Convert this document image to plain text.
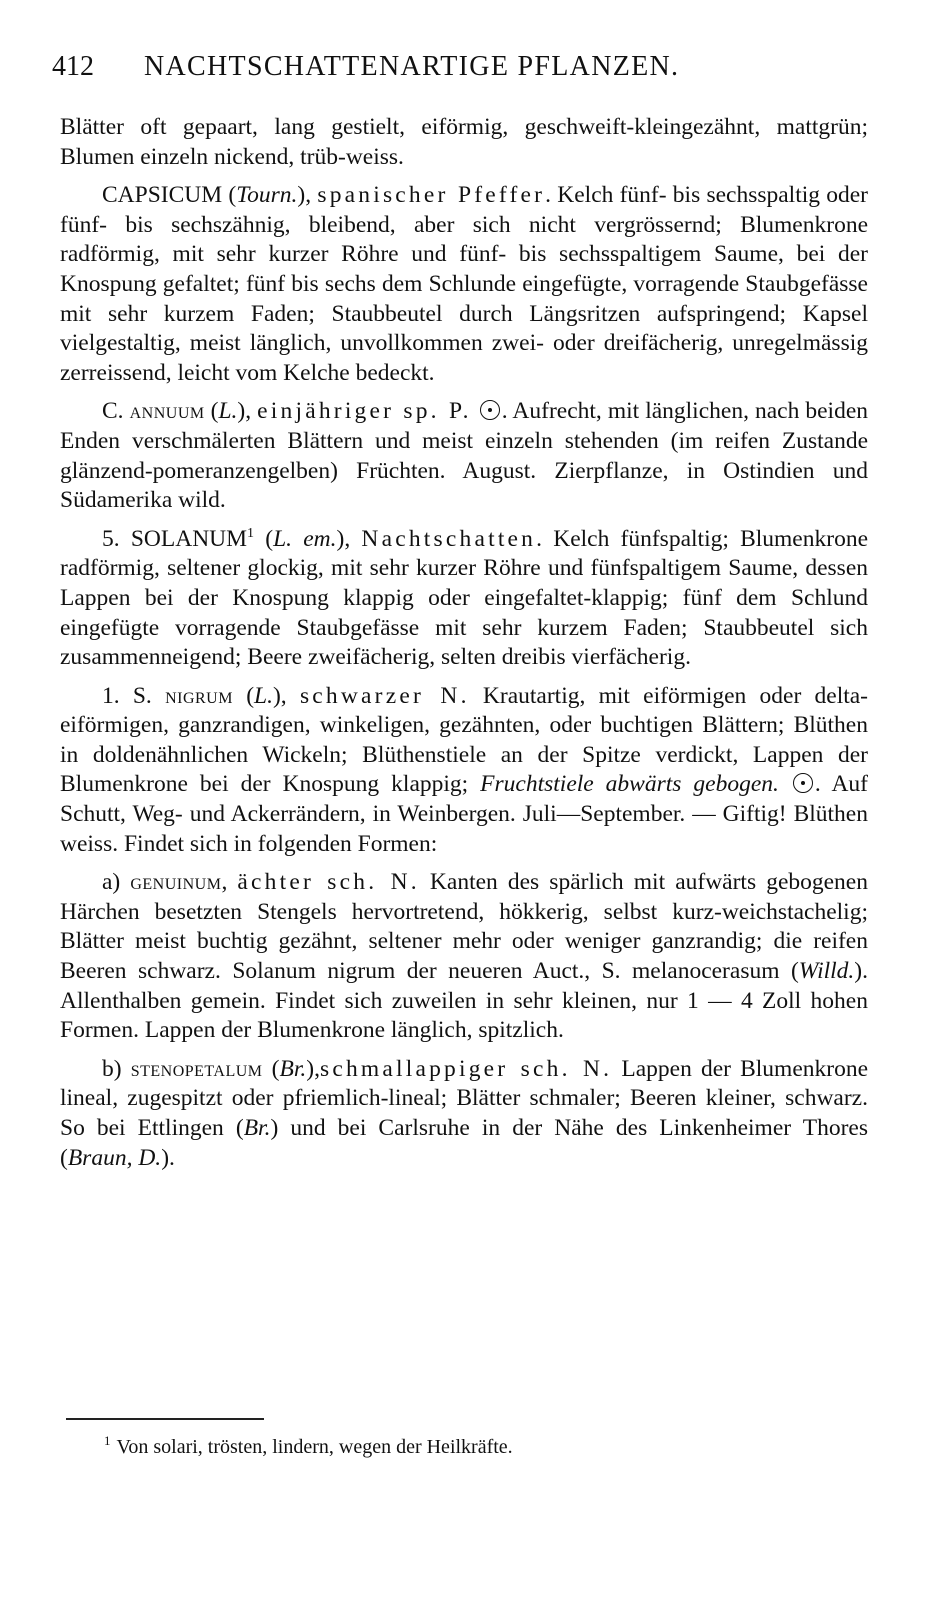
412 NACHTSCHATTENARTIGE PFLANZEN.

Blätter oft gepaart, lang gestielt, eiförmig, geschweift-kleingezähnt, mattgrün; Blumen einzeln nickend, trüb-weiss.

CAPSICUM (Tourn.), spanischer Pfeffer. Kelch fünf- bis sechsspaltig oder fünf- bis sechszähnig, bleibend, aber sich nicht vergrössernd; Blumenkrone radförmig, mit sehr kurzer Röhre und fünf- bis sechsspaltigem Saume, bei der Knospung gefaltet; fünf bis sechs dem Schlunde eingefügte, vorragende Staubgefässe mit sehr kurzem Faden; Staubbeutel durch Längsritzen aufspringend; Kapsel vielgestaltig, meist länglich, unvollkommen zwei- oder dreifächerig, unregelmässig zerreissend, leicht vom Kelche bedeckt.

C. annuum (L.), einjähriger sp. P. . Aufrecht, mit länglichen, nach beiden Enden verschmälerten Blättern und meist einzeln stehenden (im reifen Zustande glänzend-pomeranzengelben) Früchten. August. Zierpflanze, in Ostindien und Südamerika wild.

5. SOLANUM$^1$ (L. em.), Nachtschatten. Kelch fünfspaltig; Blumenkrone radförmig, seltener glockig, mit sehr kurzer Röhre und fünfspaltigem Saume, dessen Lappen bei der Knospung klappig oder eingefaltet-klappig; fünf dem Schlund eingefügte vorragende Staubgefässe mit sehr kurzem Faden; Staubbeutel sich zusammenneigend; Beere zweifächerig, selten dreibis vierfächerig.

1. S. nigrum (L.), schwarzer N. Krautartig, mit eiförmigen oder delta-eiförmigen, ganzrandigen, winkeligen, gezähnten, oder buchtigen Blättern; Blüthen in doldenähnlichen Wickeln; Blüthenstiele an der Spitze verdickt, Lappen der Blumenkrone bei der Knospung klappig; Fruchtstiele abwärts gebogen. . Auf Schutt, Weg- und Ackerrändern, in Weinbergen. Juli—September. — Giftig! Blüthen weiss. Findet sich in folgenden Formen:

a) genuinum, ächter sch. N. Kanten des spärlich mit aufwärts gebogenen Härchen besetzten Stengels hervortretend, hökkerig, selbst kurz-weichstachelig; Blätter meist buchtig gezähnt, seltener mehr oder weniger ganzrandig; die reifen Beeren schwarz. Solanum nigrum der neueren Auct., S. melanocerasum (Willd.). Allenthalben gemein. Findet sich zuweilen in sehr kleinen, nur 1 — 4 Zoll hohen Formen. Lappen der Blumenkrone länglich, spitzlich.

b) stenopetalum (Br.),schmallappiger sch. N. Lappen der Blumenkrone lineal, zugespitzt oder pfriemlich-lineal; Blätter schmaler; Beeren kleiner, schwarz. So bei Ettlingen (Br.) und bei Carlsruhe in der Nähe des Linkenheimer Thores (Braun, D.).

$^1$ Von solari, trösten, lindern, wegen der Heilkräfte.
